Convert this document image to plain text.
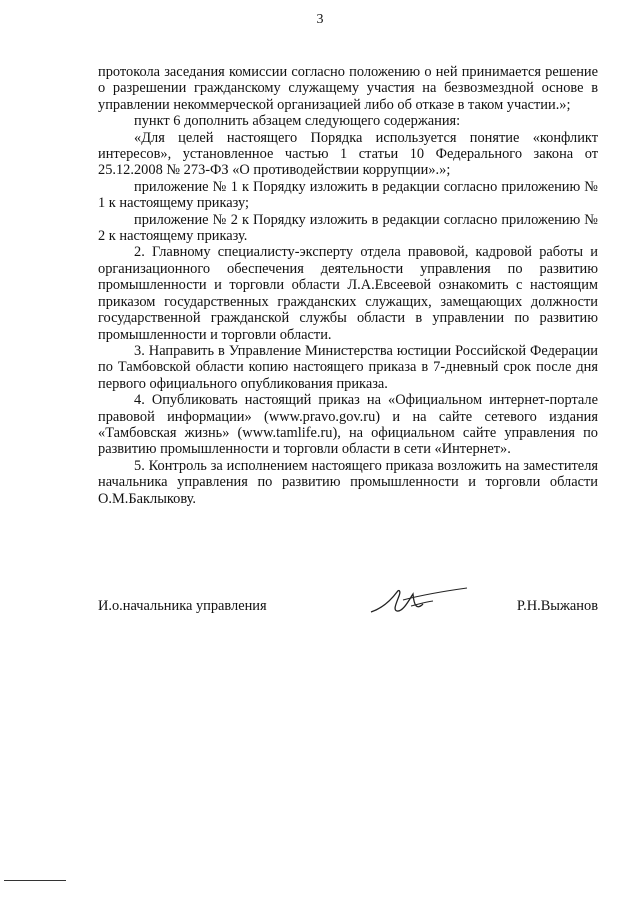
3

протокола заседания комиссии согласно положению о ней принимается решение о разрешении гражданскому служащему участия на безвозмездной основе в управлении некоммерческой организацией либо об отказе в таком участии.»;

пункт 6 дополнить абзацем следующего содержания:

«Для целей настоящего Порядка используется понятие «конфликт интересов», установленное частью 1 статьи 10 Федерального закона от 25.12.2008 № 273-ФЗ «О противодействии коррупции».»;

приложение № 1 к Порядку изложить в редакции согласно приложению № 1 к настоящему приказу;

приложение № 2 к Порядку изложить в редакции согласно приложению № 2 к настоящему приказу.

2. Главному специалисту-эксперту отдела правовой, кадровой работы и организационного обеспечения деятельности управления по развитию промышленности и торговли области Л.А.Евсеевой ознакомить с настоящим приказом государственных гражданских служащих, замещающих должности государственной гражданской службы области в управлении по развитию промышленности и торговли области.

3. Направить в Управление Министерства юстиции Российской Федерации по Тамбовской области копию настоящего приказа в 7-дневный срок после дня первого официального опубликования приказа.

4. Опубликовать настоящий приказ на «Официальном интернет-портале правовой информации» (www.pravo.gov.ru) и на сайте сетевого издания «Тамбовская жизнь» (www.tamlife.ru), на официальном сайте управления по развитию промышленности и торговли области в сети «Интернет».

5. Контроль за исполнением настоящего приказа возложить на заместителя начальника управления по развитию промышленности и торговли области О.М.Баклыкову.

И.о.начальника управления	Р.Н.Выжанов
